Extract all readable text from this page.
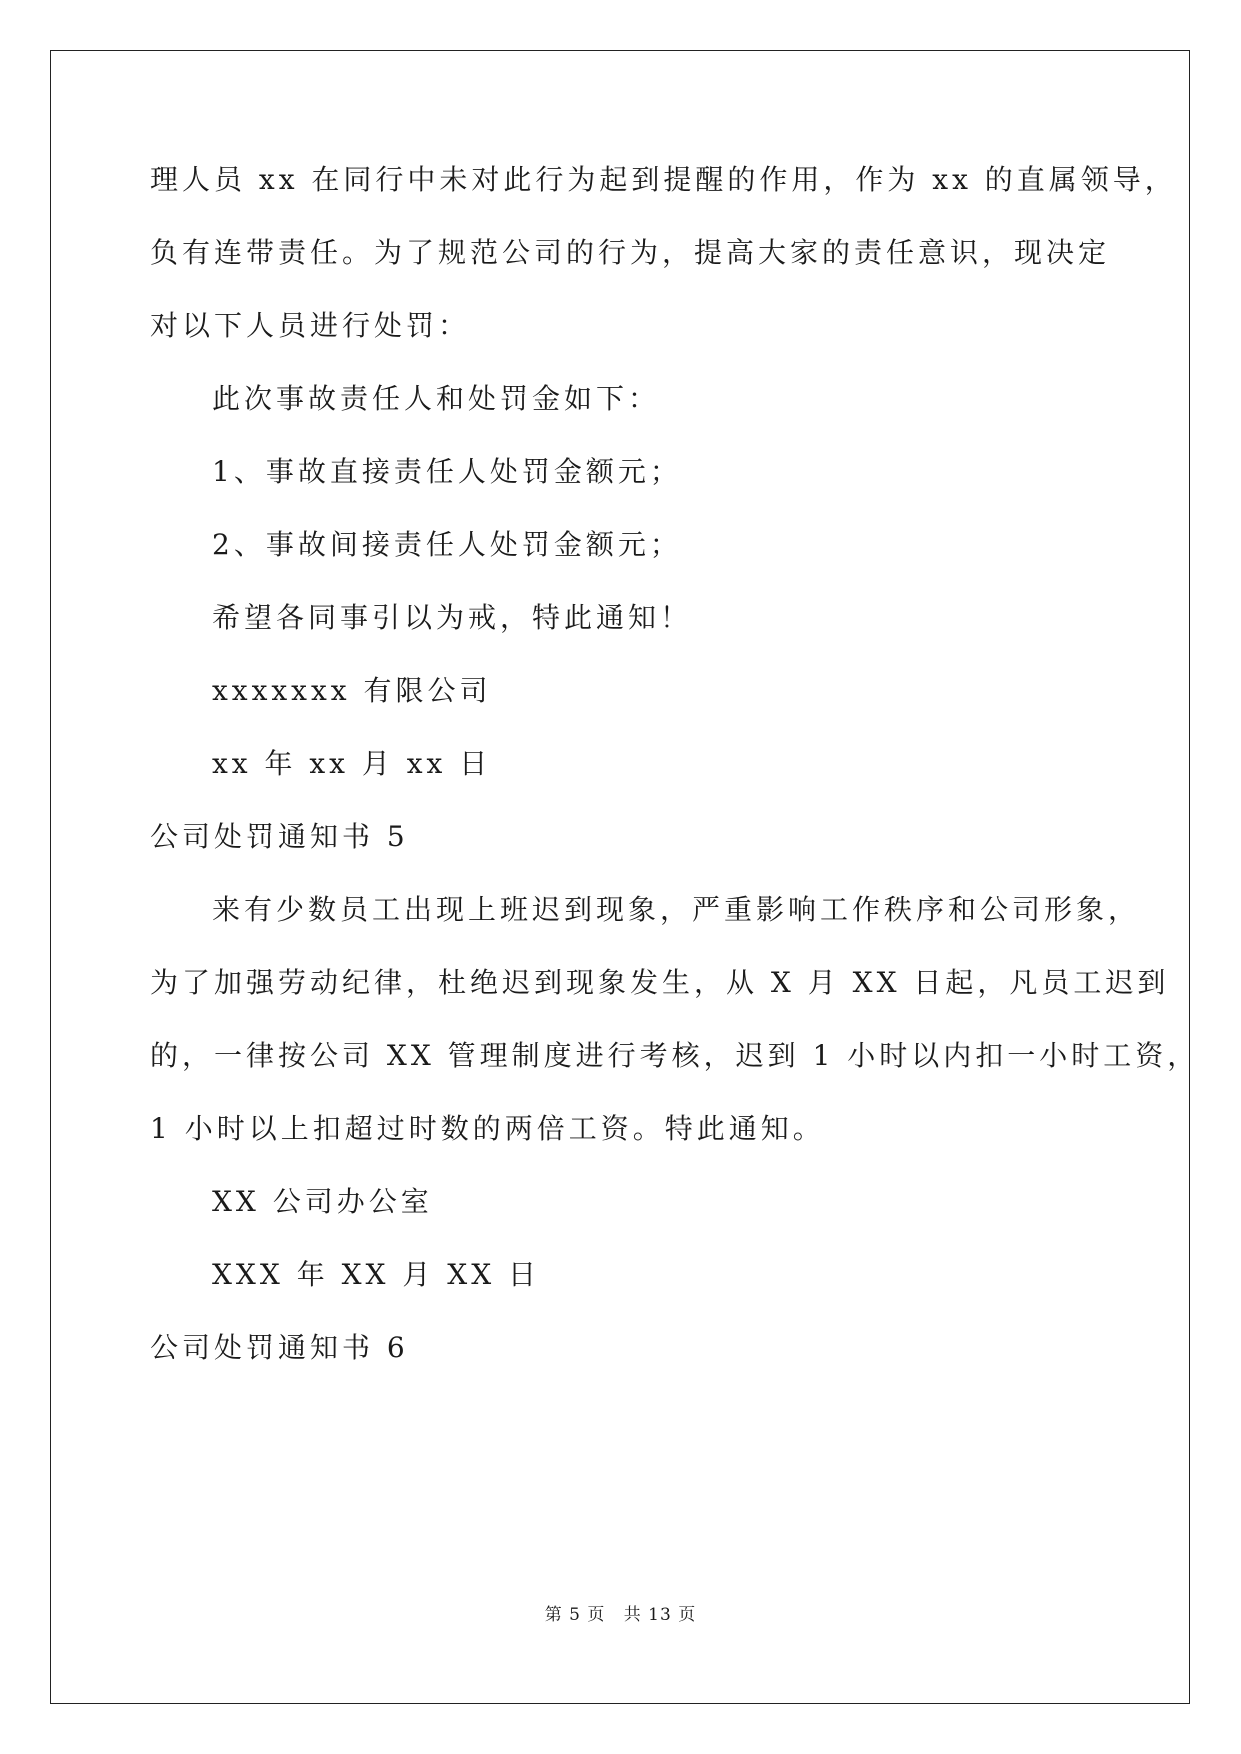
理人员 xx 在同行中未对此行为起到提醒的作用，作为 xx 的直属领导，
负有连带责任。为了规范公司的行为，提高大家的责任意识，现决定
对以下人员进行处罚：
此次事故责任人和处罚金如下：
1、事故直接责任人处罚金额元；
2、事故间接责任人处罚金额元；
希望各同事引以为戒，特此通知！
xxxxxxx 有限公司
xx 年 xx 月 xx 日
公司处罚通知书 5
来有少数员工出现上班迟到现象，严重影响工作秩序和公司形象，
为了加强劳动纪律，杜绝迟到现象发生，从 X 月 XX 日起，凡员工迟到
的，一律按公司 XX 管理制度进行考核，迟到 1 小时以内扣一小时工资，
1 小时以上扣超过时数的两倍工资。特此通知。
XX 公司办公室
XXX 年 XX 月 XX 日
公司处罚通知书 6
第 5 页 共 13 页
